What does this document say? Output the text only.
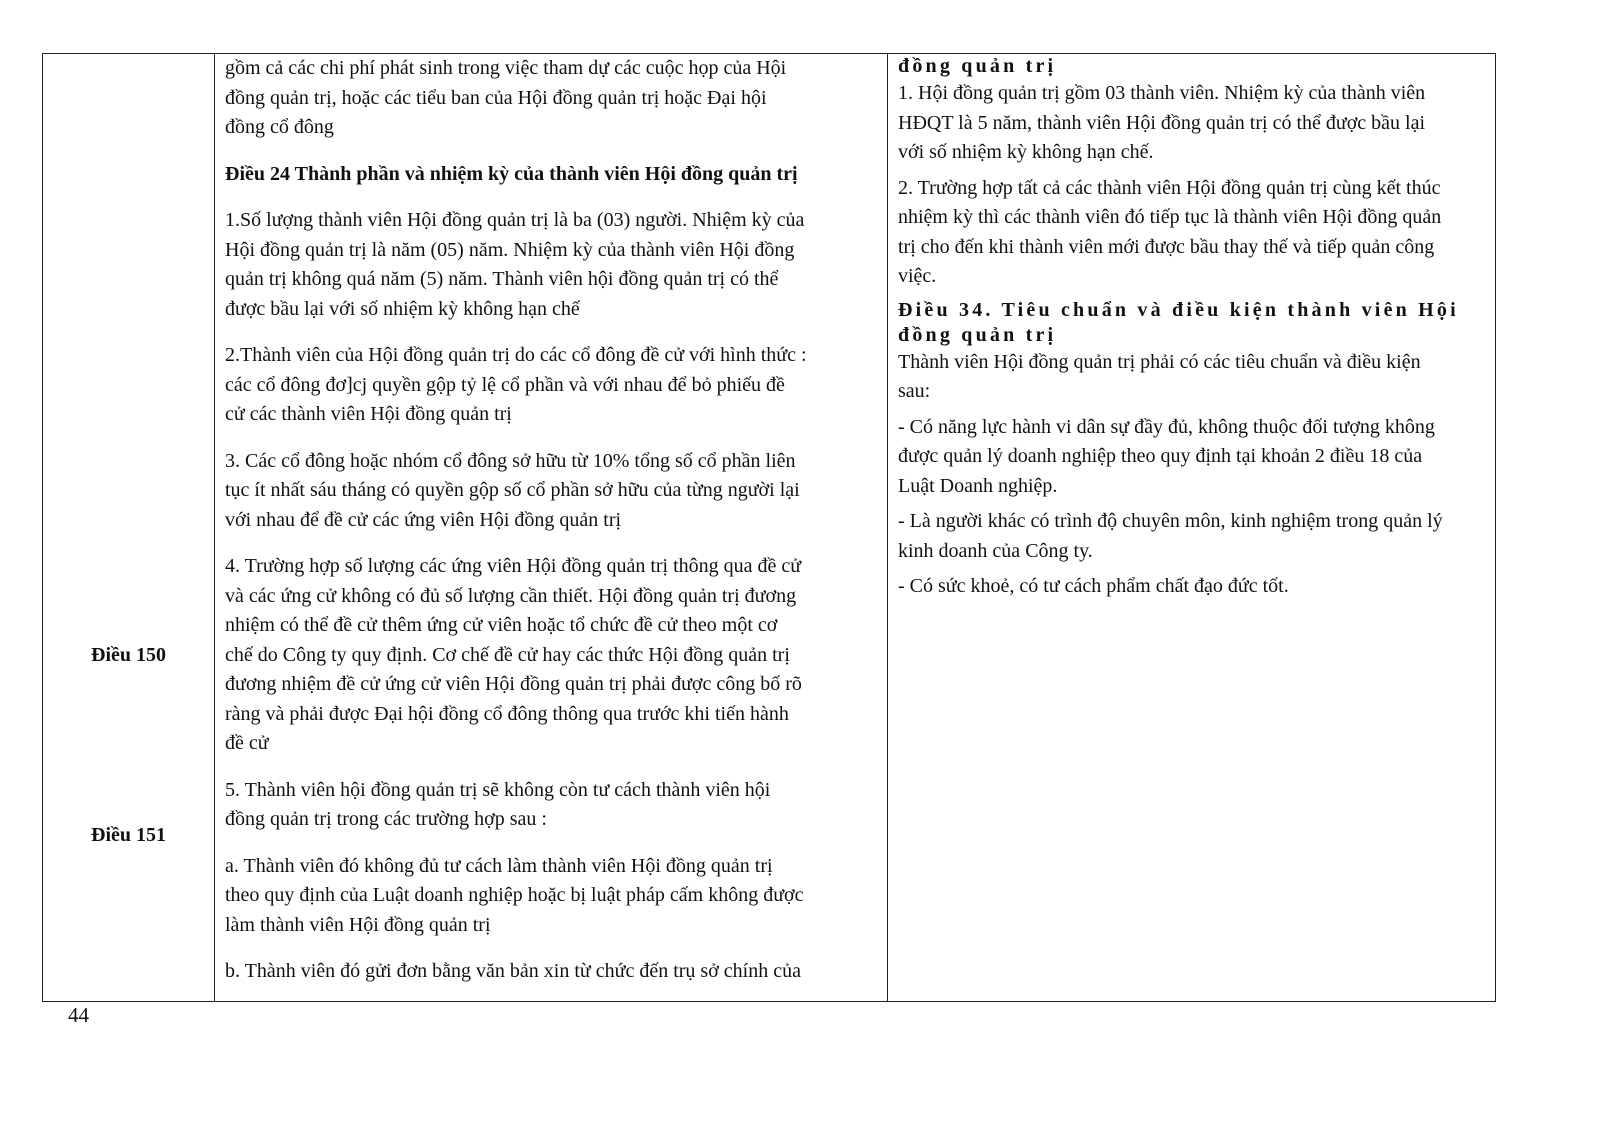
Điều 150
Điều 151

gồm cả các chi phí phát sinh trong việc tham dự các cuộc họp của Hội

đồng quản trị, hoặc các tiểu ban của Hội đồng quản trị hoặc Đại hội

đồng cổ đông

Điều 24 Thành phần và nhiệm kỳ của thành viên Hội đồng quản trị

1.Số lượng thành viên Hội đồng quản trị là ba (03) người. Nhiệm kỳ của

Hội đồng quản trị là năm (05) năm. Nhiệm kỳ của thành viên Hội đồng

quản trị không quá năm (5) năm. Thành viên hội đồng quản trị có thể

được bầu lại với số nhiệm kỳ không hạn chế

2.Thành viên của Hội đồng quản trị do các cổ đông đề cử với hình thức :

các cổ đông đơ]cj quyền gộp tỷ lệ cổ phần và với nhau để bỏ phiếu đề

cử các thành viên Hội đồng quản trị

3. Các cổ đông hoặc nhóm cổ đông sở hữu từ 10% tổng số cổ phần liên

tục ít nhất sáu tháng có quyền gộp số cổ phần sở hữu của từng người lại

với nhau để đề cử các ứng viên Hội đồng quản trị

4. Trường hợp số lượng các ứng viên Hội đồng quản trị thông qua đề cử

và các ứng cử không có đủ số lượng cần thiết. Hội đồng quản trị đương

nhiệm có thể đề cử thêm ứng cử viên hoặc tổ chức đề cử theo một cơ

chế do Công ty quy định. Cơ chế đề cử hay các thức Hội đồng quản trị

đương nhiệm đề cử ứng cử viên Hội đồng quản trị phải được công bố rõ

ràng và phải được Đại hội đồng cổ đông thông qua trước khi tiến hành

đề cử

5. Thành viên hội đồng quản trị sẽ không còn tư cách thành viên hội

đồng quản trị trong các trường hợp sau :

a. Thành viên đó không đủ tư cách làm thành viên Hội đồng quản trị

theo quy định của Luật doanh nghiệp hoặc bị luật pháp cấm không được

làm thành viên Hội đồng quản trị

b. Thành viên đó gửi đơn bằng văn bản xin từ chức đến trụ sở chính của

đồng quản trị

1. Hội đồng quản trị gồm 03 thành viên. Nhiệm kỳ của thành viên

HĐQT là 5 năm, thành viên Hội đồng quản trị có thể được bầu lại

với số nhiệm kỳ không hạn chế.

2. Trường hợp tất cả các thành viên Hội đồng quản trị cùng kết thúc

nhiệm kỳ thì các thành viên đó tiếp tục là thành viên Hội đồng quản

trị cho đến khi thành viên mới được bầu thay thế và tiếp quản công

việc.

Điều 34. Tiêu chuẩn và điều kiện thành viên Hội

đồng quản trị

Thành viên Hội đồng quản trị phải có các tiêu chuẩn và điều kiện

sau:

- Có năng lực hành vi dân sự đầy đủ, không thuộc đối tượng không

được quản lý doanh nghiệp theo quy định tại khoản 2 điều 18 của

Luật Doanh nghiệp.

- Là người khác có trình độ chuyên môn, kinh nghiệm trong quản lý

kinh doanh của Công ty.

- Có sức khoẻ, có tư cách phẩm chất đạo đức tốt.

44
